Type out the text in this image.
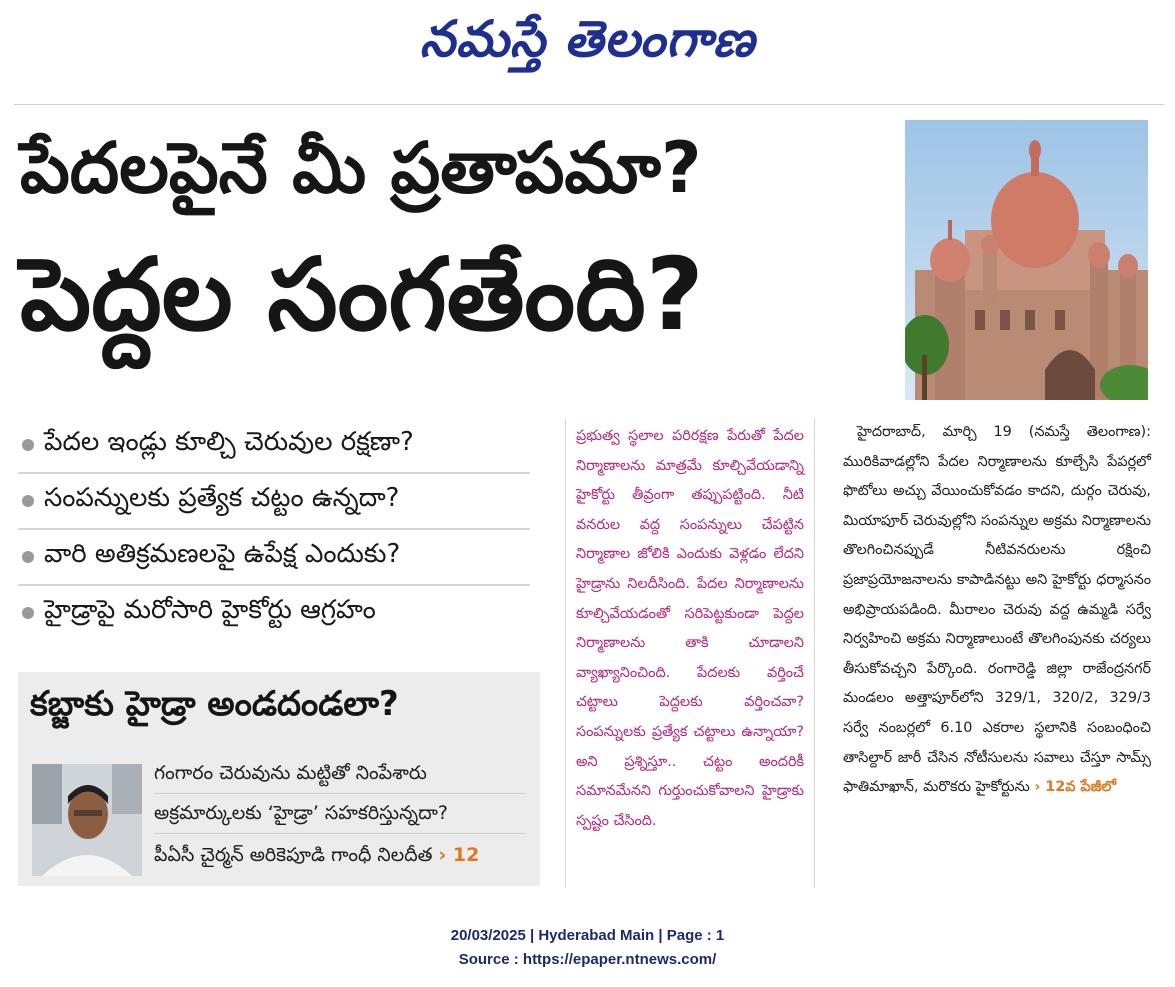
నమస్తే తెలంగాణ
పేదలపైనే మీ ప్రతాపమా?
పెద్దల సంగతేంది?
పేదల ఇండ్లు కూల్చి చెరువుల రక్షణా?
సంపన్నులకు ప్రత్యేక చట్టం ఉన్నదా?
వారి అతిక్రమణలపై ఉపేక్ష ఎందుకు?
హైడ్రాపై మరోసారి హైకోర్టు ఆగ్రహం
కబ్జాకు హైడ్రా అండదండలా?
గంగారం చెరువును మట్టితో నింపేశారు
అక్రమార్కులకు ‘హైడ్రా’ సహకరిస్తున్నదా?
పీఏసీ చైర్మన్ అరికెపూడి గాంధీ నిలదీత › 12
ప్రభుత్వ స్థలాల పరిరక్షణ పేరుతో పేదల నిర్మాణాలను మాత్రమే కూల్చివేయడాన్ని హైకోర్టు తీవ్రంగా తప్పుపట్టింది. నీటి వనరుల వద్ద సంపన్నులు చేపట్టిన నిర్మాణాల జోలికి ఎందుకు వెళ్లడం లేదని హైడ్రాను నిలదీసింది. పేదల నిర్మాణాలను కూల్చివేయడంతో సరిపెట్టకుండా పెద్దల నిర్మాణాలను తాకి చూడాలని వ్యాఖ్యానించింది. పేదలకు వర్తించే చట్టాలు పెద్దలకు వర్తించవా? సంపన్నులకు ప్రత్యేక చట్టాలు ఉన్నాయా? అని ప్రశ్నిస్తూ.. చట్టం అందరికీ సమానమేనని గుర్తుంచుకోవాలని హైడ్రాకు స్పష్టం చేసింది.
హైదరాబాద్, మార్చి 19 (నమస్తే తెలంగాణ): మురికివాడల్లోని పేదల నిర్మాణాలను కూల్చేసి పేపర్లలో ఫొటోలు అచ్చు వేయించుకోవడం కాదని, దుర్గం చెరువు, మియాపూర్ చెరువుల్లోని సంపన్నుల అక్రమ నిర్మాణాలను తొలగించినప్పుడే నీటివనరులను రక్షించి ప్రజాప్రయోజనాలను కాపాడినట్టు అని హైకోర్టు ధర్మాసనం అభిప్రాయపడింది. మీరాలం చెరువు వద్ద ఉమ్మడి సర్వే నిర్వహించి అక్రమ నిర్మాణాలుంటే తొలగింపునకు చర్యలు తీసుకోవచ్చని పేర్కొంది. రంగారెడ్డి జిల్లా రాజేంద్రనగర్ మండలం అత్తాపూర్‌లోని 329/1, 320/2, 329/3 సర్వే నంబర్లలో 6.10 ఎకరాల స్థలానికి సంబంధించి తాసిల్దార్ జారీ చేసిన నోటీసులను సవాలు చేస్తూ సామ్స్ ఫాతిమాఖాన్, మరొకరు హైకోర్టును › 12వ పేజీలో
20/03/2025 | Hyderabad Main | Page : 1
Source : https://epaper.ntnews.com/
